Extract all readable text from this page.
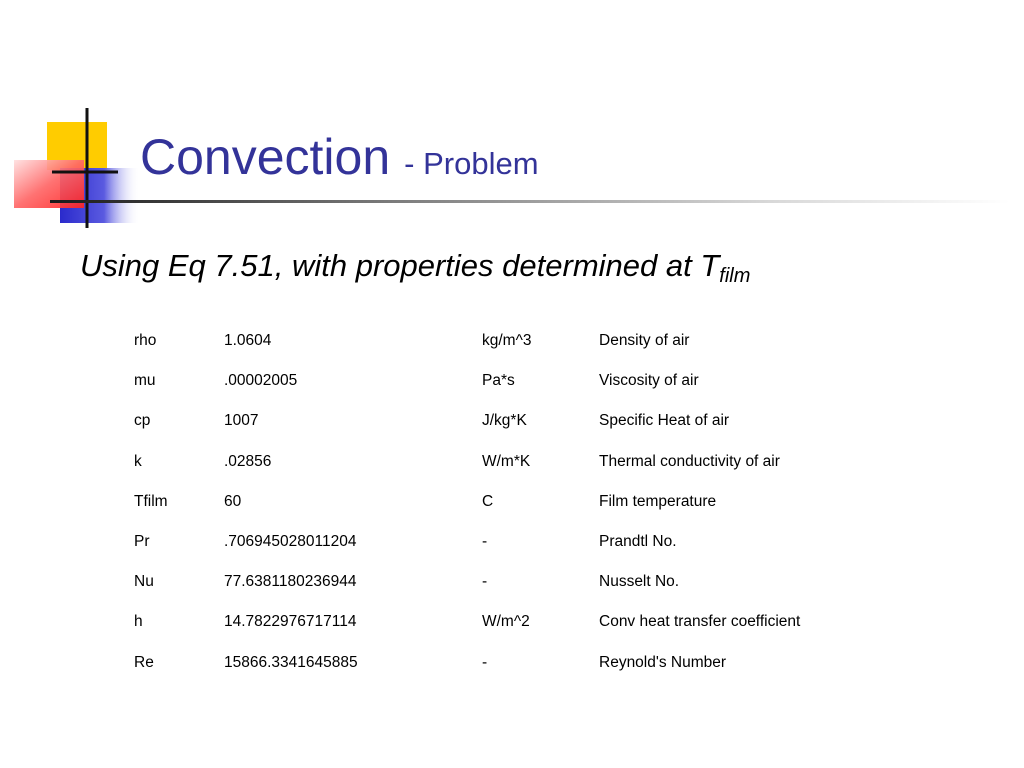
Convection - Problem

Using Eq 7.51, with properties determined at $T_{film}$

rho	1.0604	kg/m^3	Density of air
mu	.00002005	Pa*s	Viscosity of air
cp	1007	J/kg*K	Specific Heat of air
k	.02856	W/m*K	Thermal conductivity of air
Tfilm	60	C	Film temperature
Pr	.706945028011204	-	Prandtl No.
Nu	77.6381180236944	-	Nusselt No.
h	14.7822976717114	W/m^2	Conv heat transfer coefficient
Re	15866.3341645885	-	Reynold's Number
